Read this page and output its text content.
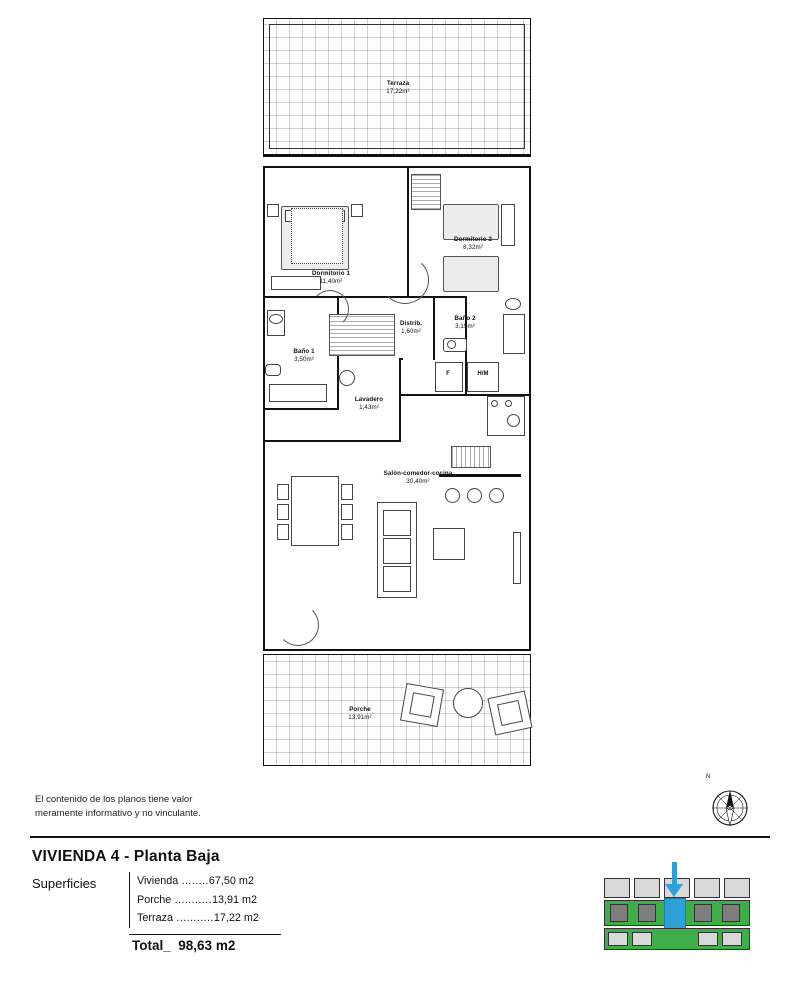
Terraza
17,22m²
Dormitorio 1
11,40m²
Dormitorio 2
8,32m²
Distrib.
1,60m²
Baño 2
3,15m²
Baño 1
3,50m²
Lavadero
1,43m²
F	H/M
Salón-comedor-cocina
30,40m²
Porche
13,91m²
El contenido de los planos tiene valor
meramente informativo y no vinculante.
N
VIVIENDA 4 - Planta Baja
Superficies	Vivienda ........67,50 m2
Porche ...........13,91 m2
Terraza ...........17,22 m2
Total_ 98,63 m2
